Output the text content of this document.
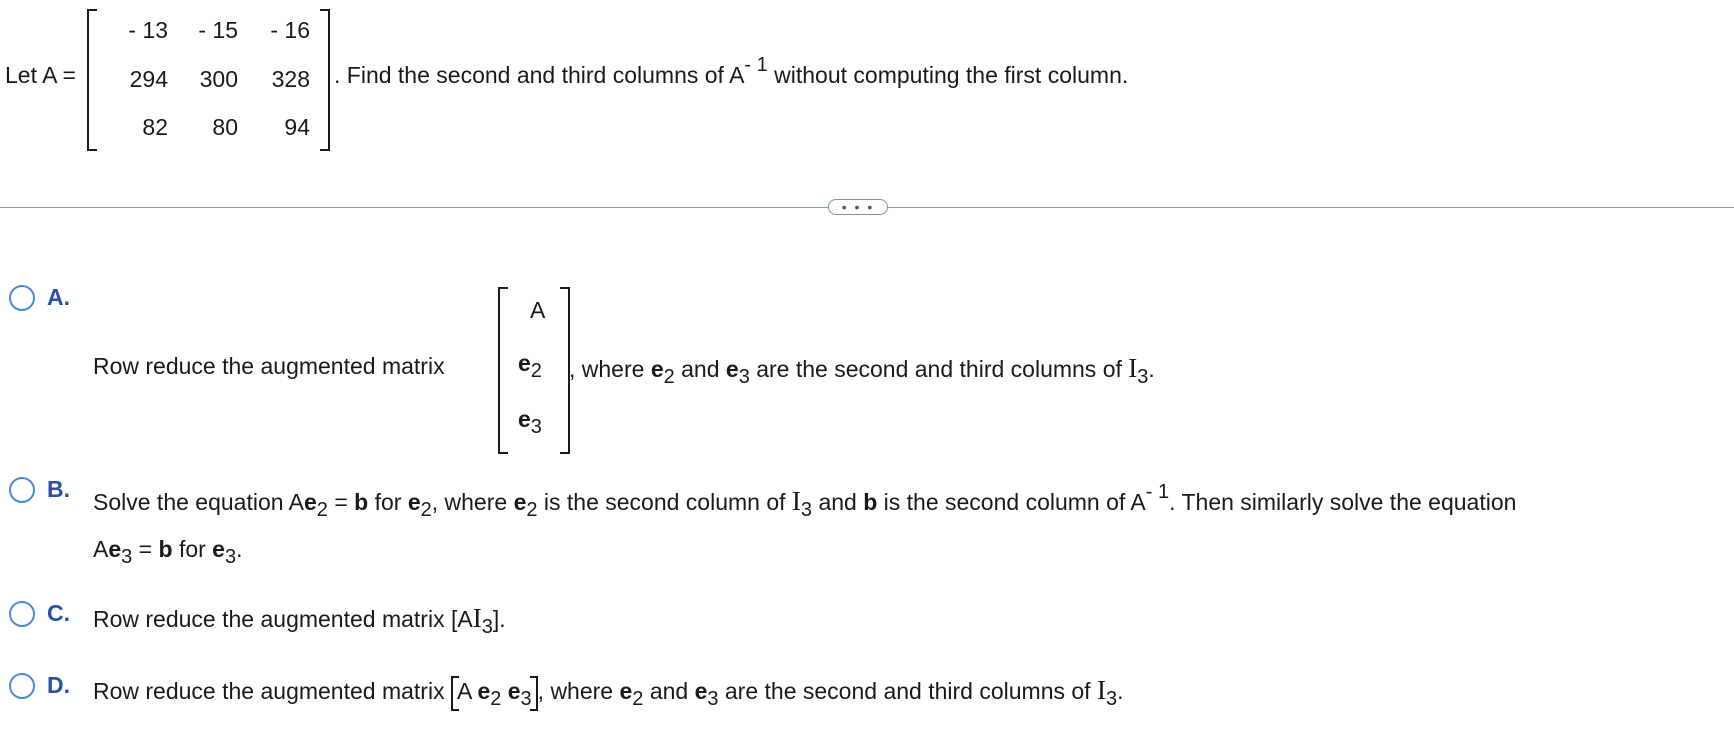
Let A =
- 13	- 15	- 16
294	300	328
82	80	94
. Find the second and third columns of $A^{- 1}$ without computing the first column.
• • •
A.
Row reduce the augmented matrix
A
$e_2$
$e_3$
, where $e_2$ and $e_3$ are the second and third columns of $I_3$.
B. Solve the equation $Ae_2 = b$ for $e_2$, where $e_2$ is the second column of $I_3$ and b is the second column of $A^{- 1}$. Then similarly solve the equation
$Ae_3 = b$ for $e_3$.
C. Row reduce the augmented matrix $[AI_3]$.
D. Row reduce the augmented matrix A $e_2$ $e_3$ , where $e_2$ and $e_3$ are the second and third columns of $I_3$.
